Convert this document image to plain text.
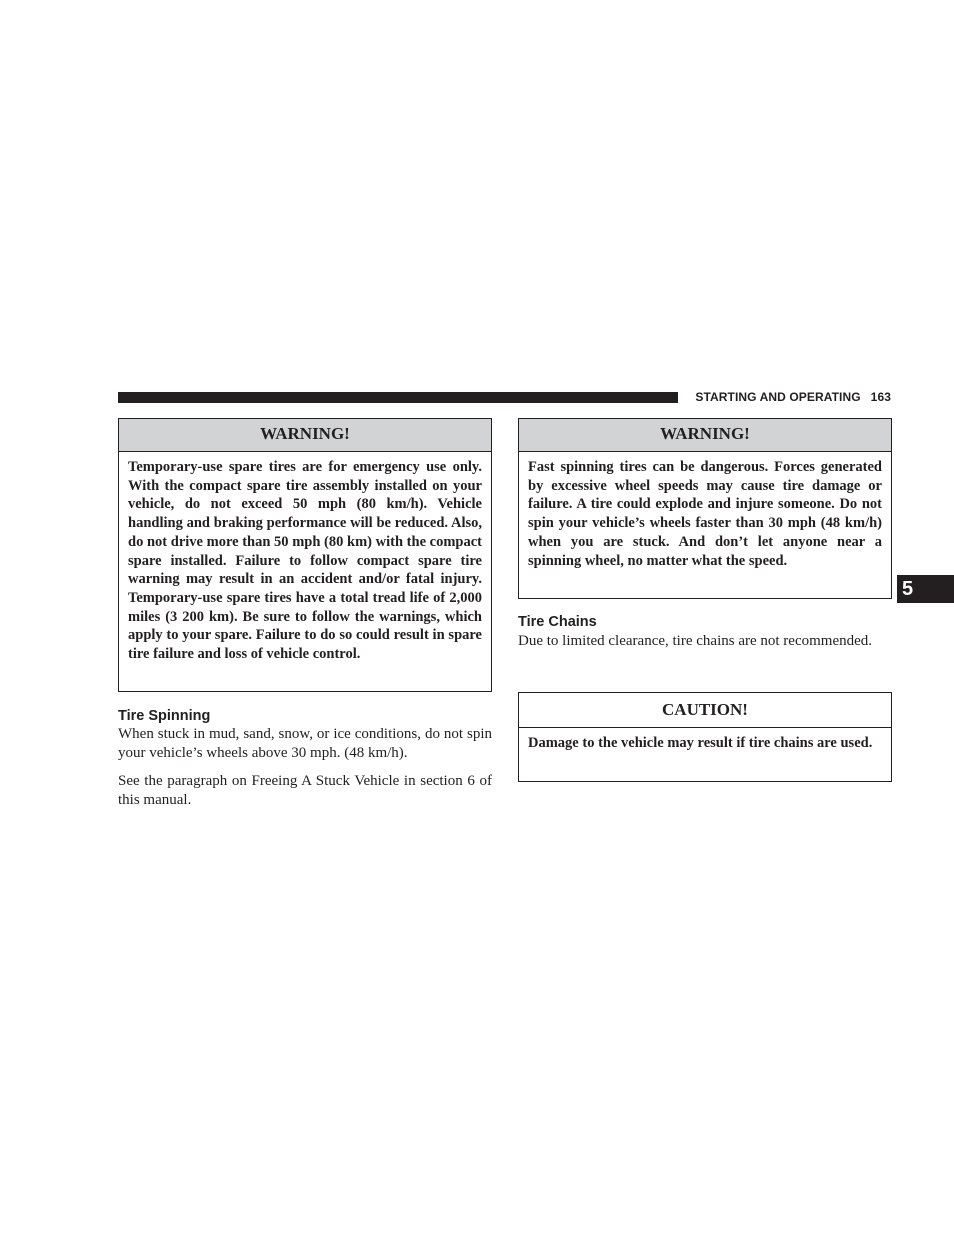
STARTING AND OPERATING 163
5
WARNING!
Temporary-use spare tires are for emergency use only. With the compact spare tire assembly installed on your vehicle, do not exceed 50 mph (80 km/h). Vehicle handling and braking performance will be reduced. Also, do not drive more than 50 mph (80 km) with the compact spare installed. Failure to follow compact spare tire warning may result in an accident and/or fatal injury. Temporary-use spare tires have a total tread life of 2,000 miles (3 200 km). Be sure to follow the warnings, which apply to your spare. Failure to do so could result in spare tire failure and loss of vehicle control.
Tire Spinning
When stuck in mud, sand, snow, or ice conditions, do not spin your vehicle’s wheels above 30 mph. (48 km/h).
See the paragraph on Freeing A Stuck Vehicle in section 6 of this manual.
WARNING!
Fast spinning tires can be dangerous. Forces generated by excessive wheel speeds may cause tire damage or failure. A tire could explode and injure someone. Do not spin your vehicle’s wheels faster than 30 mph (48 km/h) when you are stuck. And don’t let anyone near a spinning wheel, no matter what the speed.
Tire Chains
Due to limited clearance, tire chains are not recommended.
CAUTION!
Damage to the vehicle may result if tire chains are used.
